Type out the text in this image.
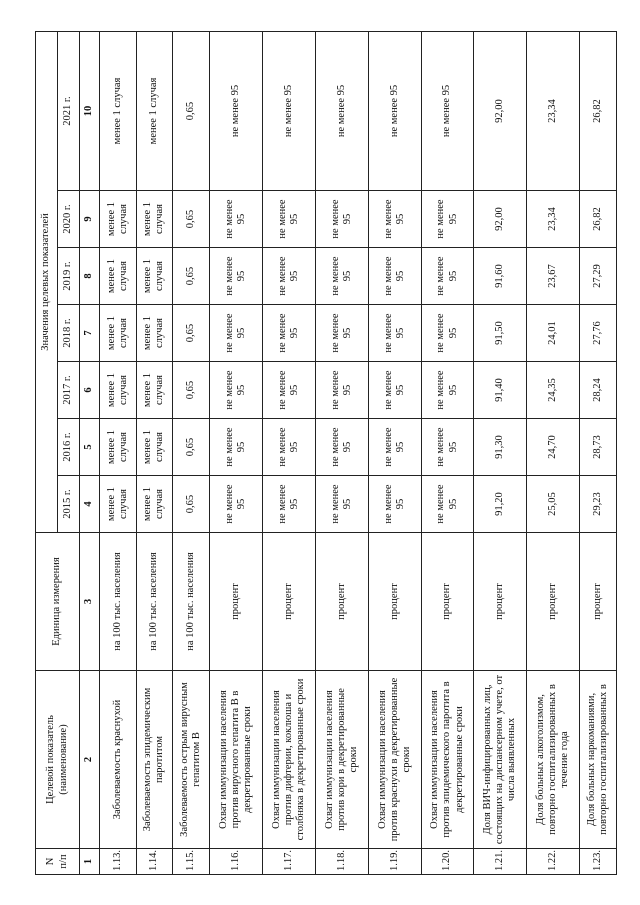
N
п/п	Целевой показатель
(наименование)	Единица измерения	Значения целевых показателей						
			2015 г.	2016 г.	2017 г.	2018 г.	2019 г.	2020 г.	2021 г.
1	2	3	4	5	6	7	8	9	10
1.13.	Заболеваемость краснухой	на 100 тыс. населения	менее 1 случая	менее 1 случая	менее 1 случая	менее 1 случая	менее 1 случая	менее 1 случая	менее 1 случая
1.14.	Заболеваемость эпидемическим паротитом	на 100 тыс. населения	менее 1 случая	менее 1 случая	менее 1 случая	менее 1 случая	менее 1 случая	менее 1 случая	менее 1 случая
1.15.	Заболеваемость острым вирусным гепатитом В	на 100 тыс. населения	0,65	0,65	0,65	0,65	0,65	0,65	0,65
1.16.	Охват иммунизации населения против вирусного гепатита В в декретированные сроки	процент	не менее 95	не менее 95	не менее 95	не менее 95	не менее 95	не менее 95	не менее 95
1.17.	Охват иммунизации населения против дифтерии, коклюша и столбняка в декретированные сроки	процент	не менее 95	не менее 95	не менее 95	не менее 95	не менее 95	не менее 95	не менее 95
1.18.	Охват иммунизации населения против кори в декретированные сроки	процент	не менее 95	не менее 95	не менее 95	не менее 95	не менее 95	не менее 95	не менее 95
1.19.	Охват иммунизации населения против краснухи в декретированные сроки	процент	не менее 95	не менее 95	не менее 95	не менее 95	не менее 95	не менее 95	не менее 95
1.20.	Охват иммунизации населения против эпидемического паротита в декретированные сроки	процент	не менее 95	не менее 95	не менее 95	не менее 95	не менее 95	не менее 95	не менее 95
1.21.	Доля ВИЧ-инфицированных лиц, состоящих на диспансерном учете, от числа выявленных	процент	91,20	91,30	91,40	91,50	91,60	92,00	92,00
1.22.	Доля больных алкоголизмом, повторно госпитализированных в течение года	процент	25,05	24,70	24,35	24,01	23,67	23,34	23,34
1.23.	Доля больных наркоманиями, повторно госпитализированных в	процент	29,23	28,73	28,24	27,76	27,29	26,82	26,82
